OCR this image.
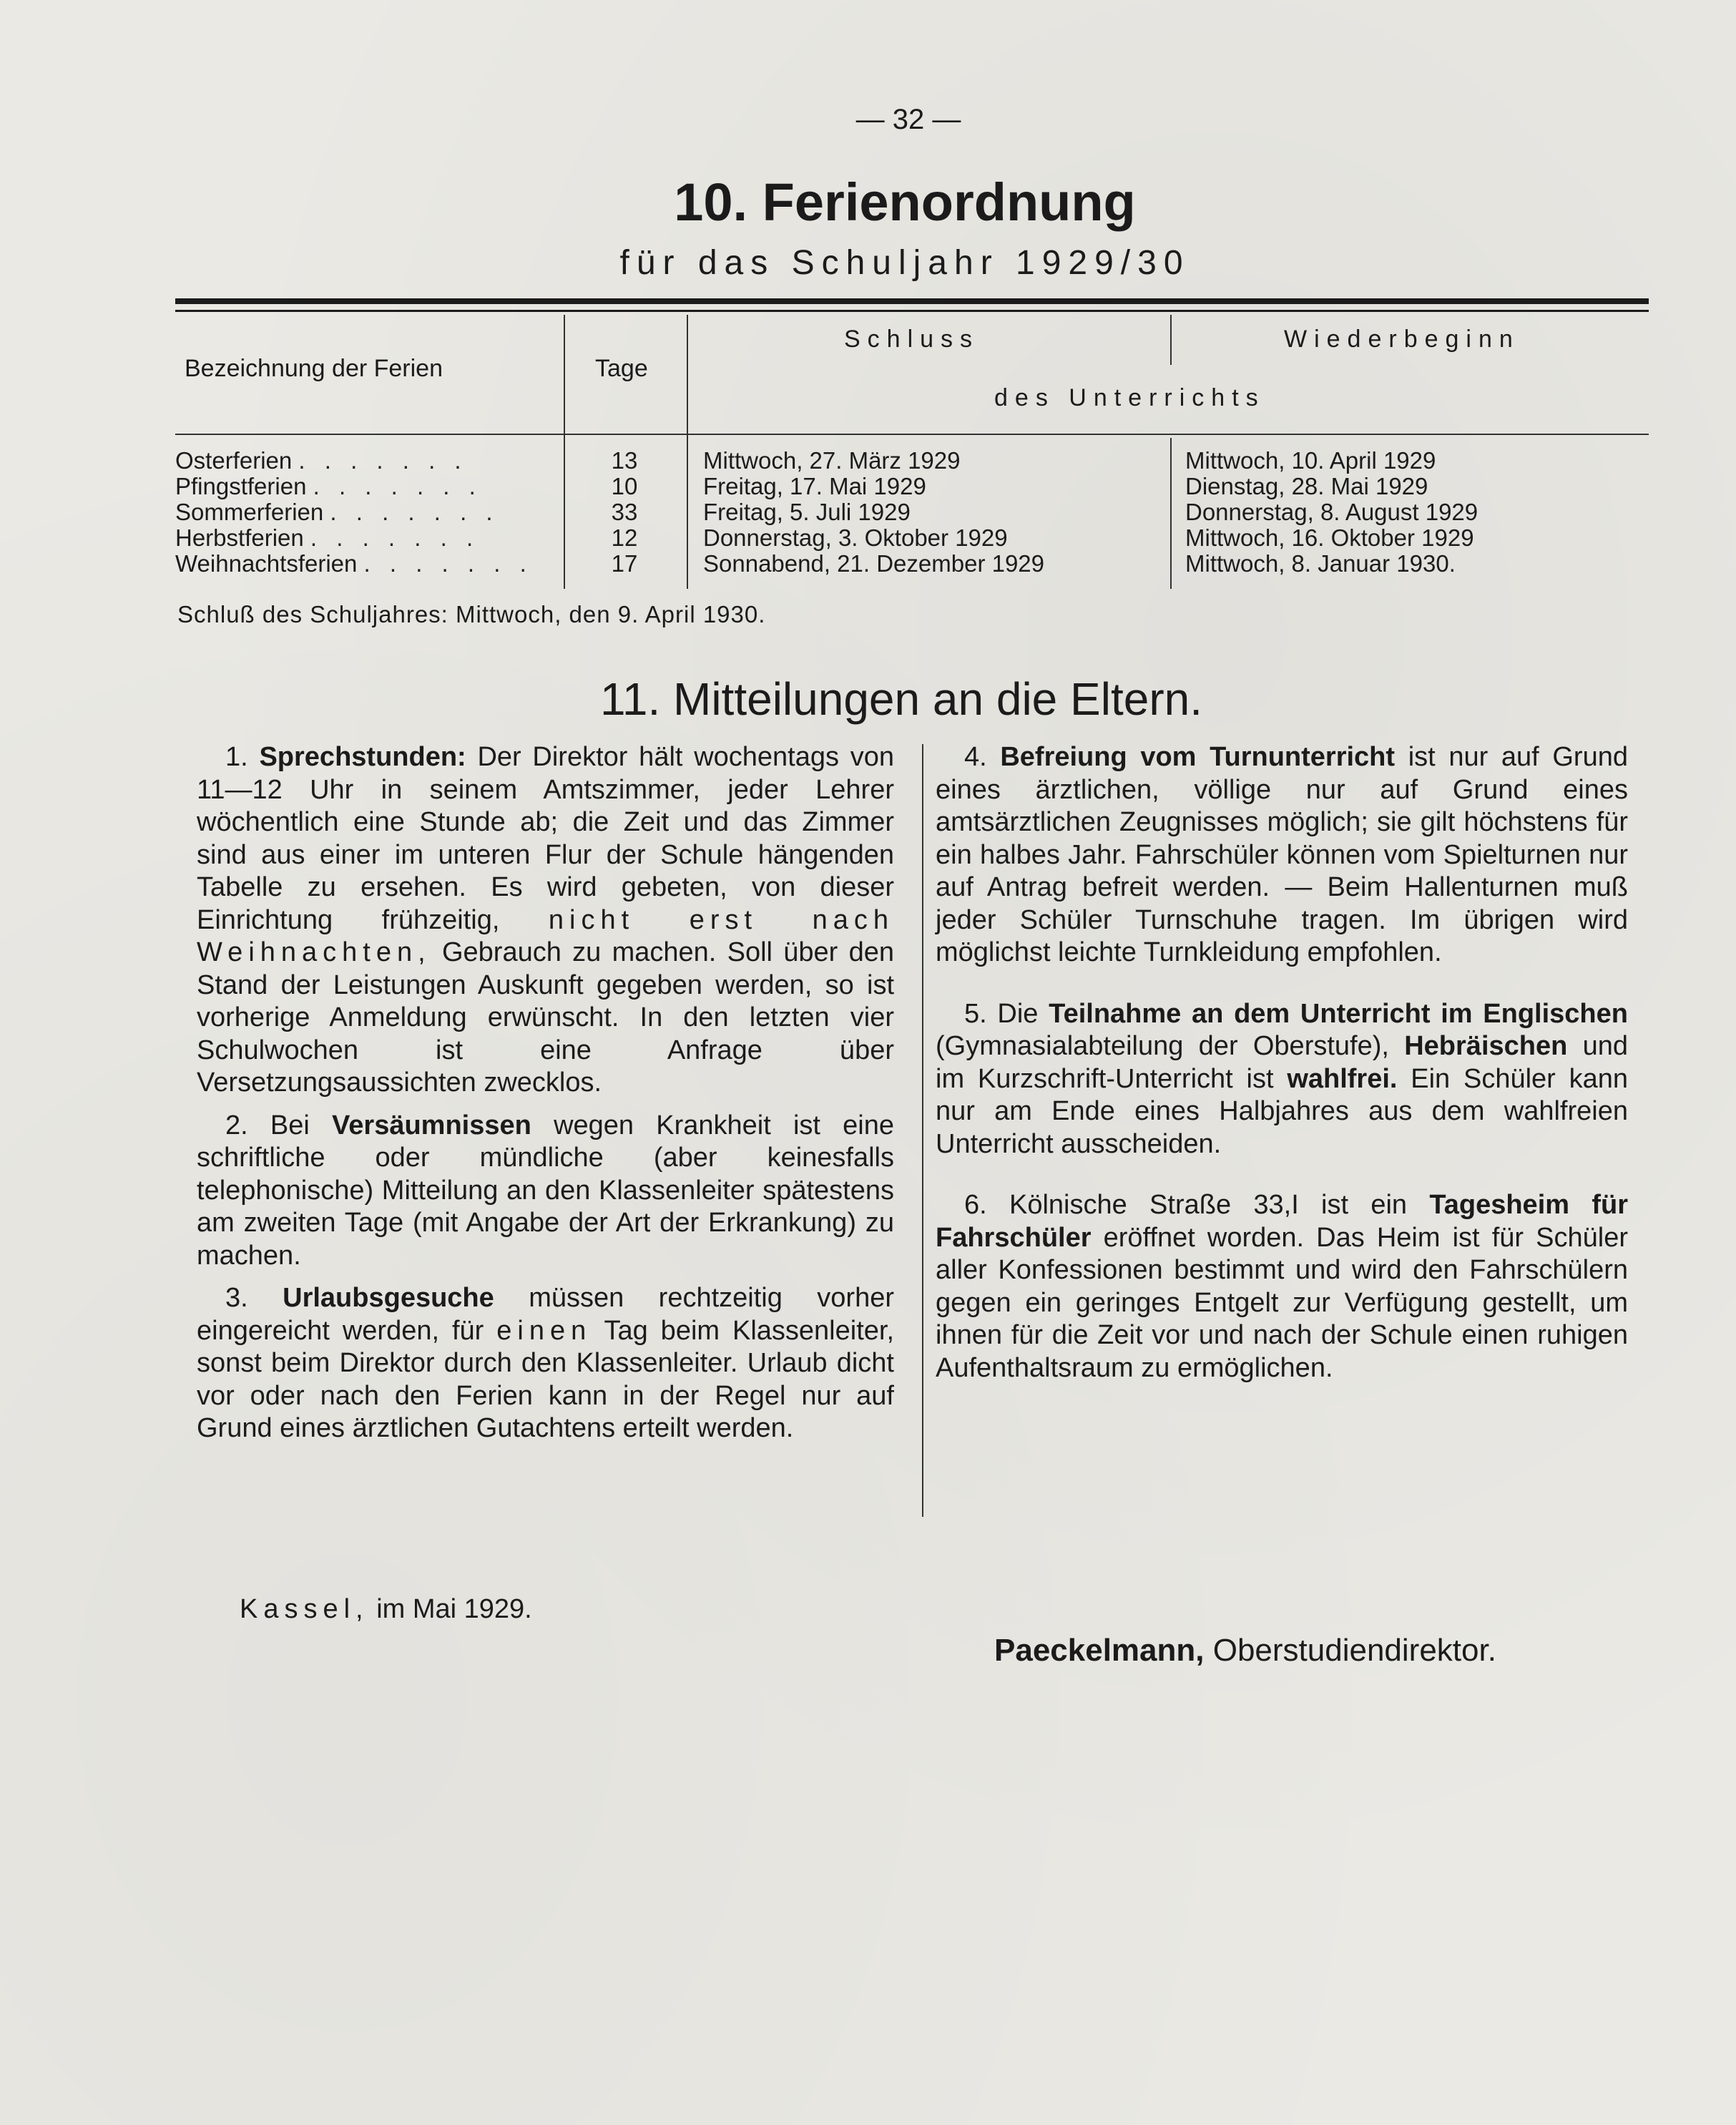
— 32 —
10. Ferienordnung
für das Schuljahr 1929/30
Bezeichnung der Ferien	Tage
Schluss	Wiederbeginn
des Unterrichts
Osterferien . . . . . . .	13	Mittwoch, 27. März 1929	Mittwoch, 10. April 1929
Pfingstferien . . . . . . .	10	Freitag, 17. Mai 1929	Dienstag, 28. Mai 1929
Sommerferien . . . . . . .	33	Freitag, 5. Juli 1929	Donnerstag, 8. August 1929
Herbstferien . . . . . . .	12	Donnerstag, 3. Oktober 1929	Mittwoch, 16. Oktober 1929
Weihnachtsferien . . . . . . .	17	Sonnabend, 21. Dezember 1929	Mittwoch, 8. Januar 1930.
Schluß des Schuljahres: Mittwoch, den 9. April 1930.
11. Mitteilungen an die Eltern.

1. Sprechstunden: Der Direktor hält wochentags von 11—12 Uhr in seinem Amtszimmer, jeder Lehrer wöchentlich eine Stunde ab; die Zeit und das Zimmer sind aus einer im unteren Flur der Schule hängenden Tabelle zu ersehen. Es wird gebeten, von dieser Einrichtung frühzeitig, nicht erst nach Weihnachten, Gebrauch zu machen. Soll über den Stand der Leistungen Auskunft gegeben werden, so ist vorherige Anmeldung erwünscht. In den letzten vier Schulwochen ist eine Anfrage über Versetzungsaussichten zwecklos.

2. Bei Versäumnissen wegen Krankheit ist eine schriftliche oder mündliche (aber keinesfalls telephonische) Mitteilung an den Klassenleiter spätestens am zweiten Tage (mit Angabe der Art der Erkrankung) zu machen.

3. Urlaubsgesuche müssen rechtzeitig vorher eingereicht werden, für einen Tag beim Klassenleiter, sonst beim Direktor durch den Klassenleiter. Urlaub dicht vor oder nach den Ferien kann in der Regel nur auf Grund eines ärztlichen Gutachtens erteilt werden.

4. Befreiung vom Turnunterricht ist nur auf Grund eines ärztlichen, völlige nur auf Grund eines amtsärztlichen Zeugnisses möglich; sie gilt höchstens für ein halbes Jahr. Fahrschüler können vom Spielturnen nur auf Antrag befreit werden. — Beim Hallenturnen muß jeder Schüler Turnschuhe tragen. Im übrigen wird möglichst leichte Turnkleidung empfohlen.

5. Die Teilnahme an dem Unterricht im Englischen (Gymnasialabteilung der Oberstufe), Hebräischen und im Kurzschrift-Unterricht ist wahlfrei. Ein Schüler kann nur am Ende eines Halbjahres aus dem wahlfreien Unterricht ausscheiden.

6. Kölnische Straße 33,I ist ein Tagesheim für Fahrschüler eröffnet worden. Das Heim ist für Schüler aller Konfessionen bestimmt und wird den Fahrschülern gegen ein geringes Entgelt zur Verfügung gestellt, um ihnen für die Zeit vor und nach der Schule einen ruhigen Aufenthaltsraum zu ermöglichen.

Kassel, im Mai 1929.
Paeckelmann, Oberstudiendirektor.
